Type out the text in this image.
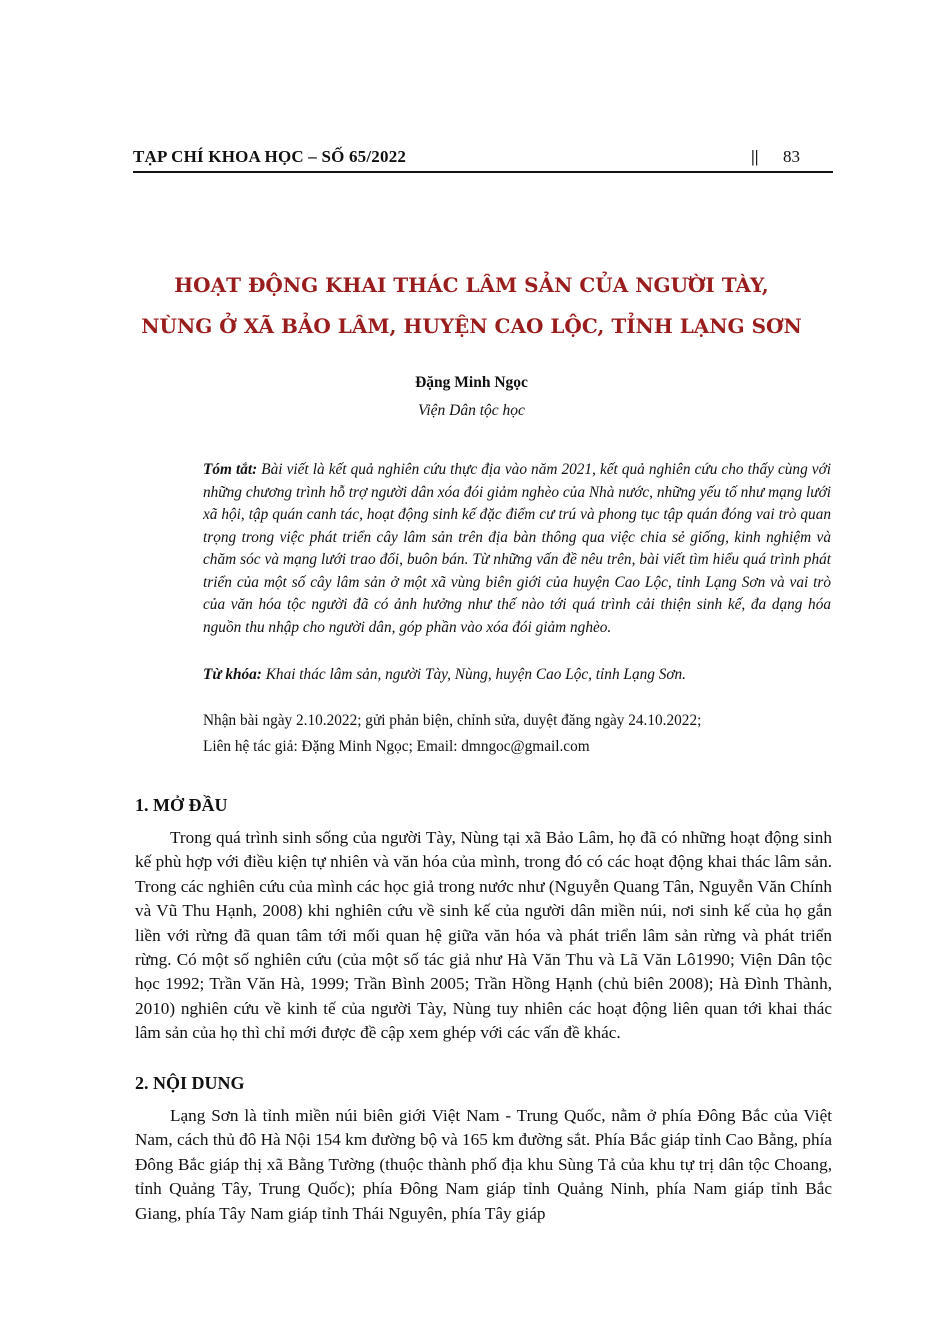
TẠP CHÍ KHOA HỌC – SỐ 65/2022	|| 83
HOẠT ĐỘNG KHAI THÁC LÂM SẢN CỦA NGƯỜI TÀY,
NÙNG Ở XÃ BẢO LÂM, HUYỆN CAO LỘC, TỈNH LẠNG SƠN
Đặng Minh Ngọc
Viện Dân tộc học

Tóm tắt: Bài viết là kết quả nghiên cứu thực địa vào năm 2021, kết quả nghiên cứu cho thấy cùng với những chương trình hỗ trợ người dân xóa đói giảm nghèo của Nhà nước, những yếu tố như mạng lưới xã hội, tập quán canh tác, hoạt động sinh kế đặc điểm cư trú và phong tục tập quán đóng vai trò quan trọng trong việc phát triển cây lâm sản trên địa bàn thông qua việc chia sẻ giống, kinh nghiệm và chăm sóc và mạng lưới trao đổi, buôn bán. Từ những vấn đề nêu trên, bài viết tìm hiểu quá trình phát triển của một số cây lâm sản ở một xã vùng biên giới của huyện Cao Lộc, tỉnh Lạng Sơn và vai trò của văn hóa tộc người đã có ảnh hưởng như thế nào tới quá trình cải thiện sinh kế, đa dạng hóa nguồn thu nhập cho người dân, góp phần vào xóa đói giảm nghèo.

Từ khóa: Khai thác lâm sản, người Tày, Nùng, huyện Cao Lộc, tỉnh Lạng Sơn.

Nhận bài ngày 2.10.2022; gửi phản biện, chỉnh sửa, duyệt đăng ngày 24.10.2022;
Liên hệ tác giả: Đặng Minh Ngọc; Email: dmngoc@gmail.com
1. MỞ ĐẦU

Trong quá trình sinh sống của người Tày, Nùng tại xã Bảo Lâm, họ đã có những hoạt động sinh kế phù hợp với điều kiện tự nhiên và văn hóa của mình, trong đó có các hoạt động khai thác lâm sản. Trong các nghiên cứu của mình các học giả trong nước như (Nguyễn Quang Tân, Nguyễn Văn Chính và Vũ Thu Hạnh, 2008) khi nghiên cứu về sinh kế của người dân miền núi, nơi sinh kế của họ gắn liền với rừng đã quan tâm tới mối quan hệ giữa văn hóa và phát triển lâm sản rừng và phát triển rừng. Có một số nghiên cứu (của một số tác giả như Hà Văn Thu và Lã Văn Lô1990; Viện Dân tộc học 1992; Trần Văn Hà, 1999; Trần Bình 2005; Trần Hồng Hạnh (chủ biên 2008); Hà Đình Thành, 2010) nghiên cứu về kinh tế của người Tày, Nùng tuy nhiên các hoạt động liên quan tới khai thác lâm sản của họ thì chỉ mới được đề cập xem ghép với các vấn đề khác.

2. NỘI DUNG

Lạng Sơn là tỉnh miền núi biên giới Việt Nam - Trung Quốc, nằm ở phía Đông Bắc của Việt Nam, cách thủ đô Hà Nội 154 km đường bộ và 165 km đường sắt. Phía Bắc giáp tỉnh Cao Bằng, phía Đông Bắc giáp thị xã Bằng Tường (thuộc thành phố địa khu Sùng Tả của khu tự trị dân tộc Choang, tỉnh Quảng Tây, Trung Quốc); phía Đông Nam giáp tỉnh Quảng Ninh, phía Nam giáp tỉnh Bắc Giang, phía Tây Nam giáp tỉnh Thái Nguyên, phía Tây giáp
